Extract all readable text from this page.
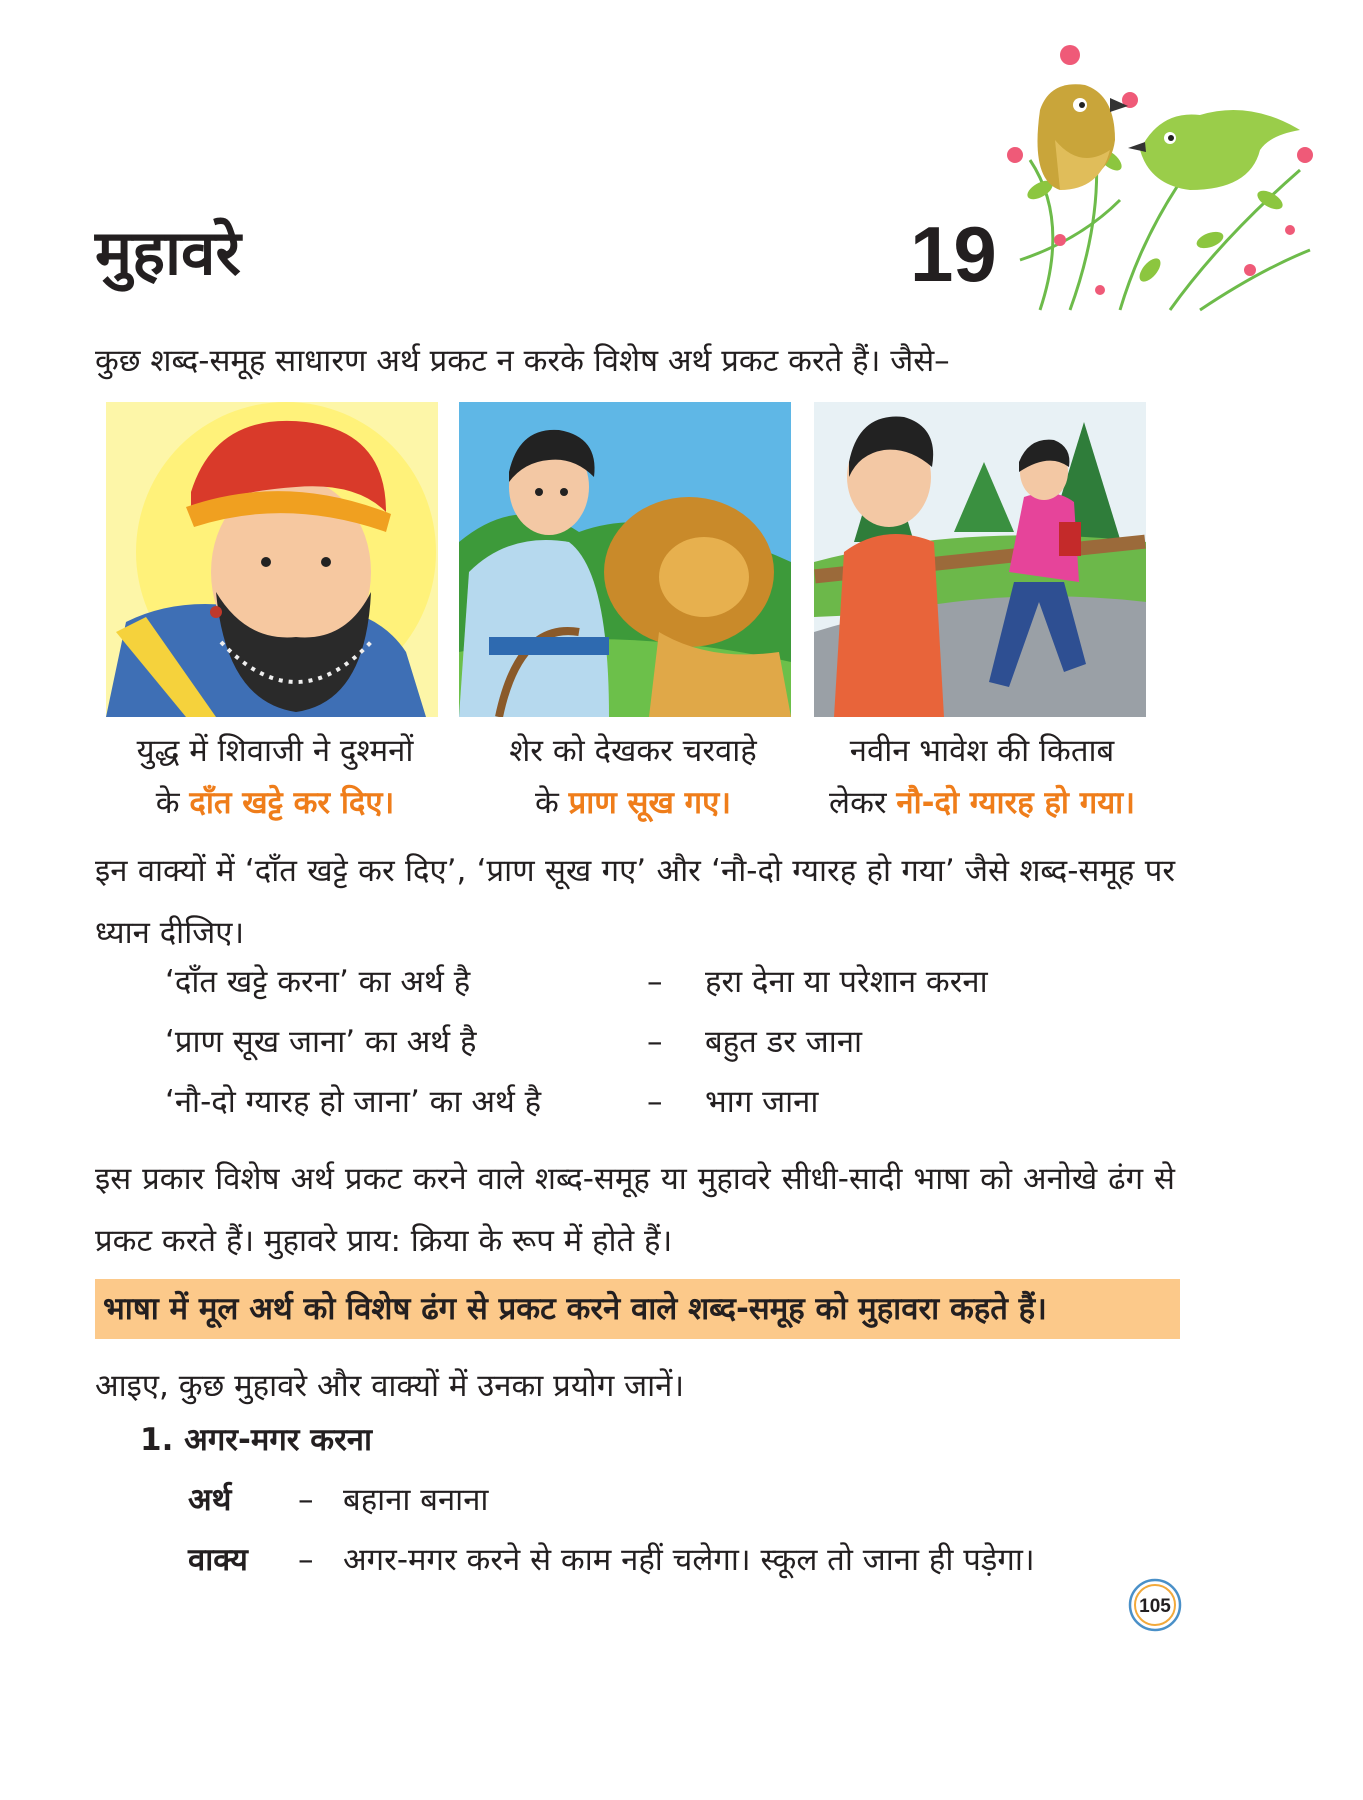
मुहावरे	19

कुछ शब्द-समूह साधारण अर्थ प्रकट न करके विशेष अर्थ प्रकट करते हैं। जैसे–

युद्ध में शिवाजी ने दुश्मनों
के दाँत खट्टे कर दिए।
शेर को देखकर चरवाहे
के प्राण सूख गए।
नवीन भावेश की किताब
लेकर नौ-दो ग्यारह हो गया।

इन वाक्यों में ‘दाँत खट्टे कर दिए’, ‘प्राण सूख गए’ और ‘नौ-दो ग्यारह हो गया’ जैसे शब्द-समूह पर ध्यान दीजिए।

‘दाँत खट्टे करना’ का अर्थ है	– हरा देना या परेशान करना
‘प्राण सूख जाना’ का अर्थ है	– बहुत डर जाना
‘नौ-दो ग्यारह हो जाना’ का अर्थ है	– भाग जाना

इस प्रकार विशेष अर्थ प्रकट करने वाले शब्द-समूह या मुहावरे सीधी-सादी भाषा को अनोखे ढंग से प्रकट करते हैं। मुहावरे प्राय: क्रिया के रूप में होते हैं।

भाषा में मूल अर्थ को विशेष ढंग से प्रकट करने वाले शब्द-समूह को मुहावरा कहते हैं।

आइए, कुछ मुहावरे और वाक्यों में उनका प्रयोग जानें।

1. अगर-मगर करना
अर्थ – बहाना बनाना
वाक्य – अगर-मगर करने से काम नहीं चलेगा। स्कूल तो जाना ही पड़ेगा।
105
